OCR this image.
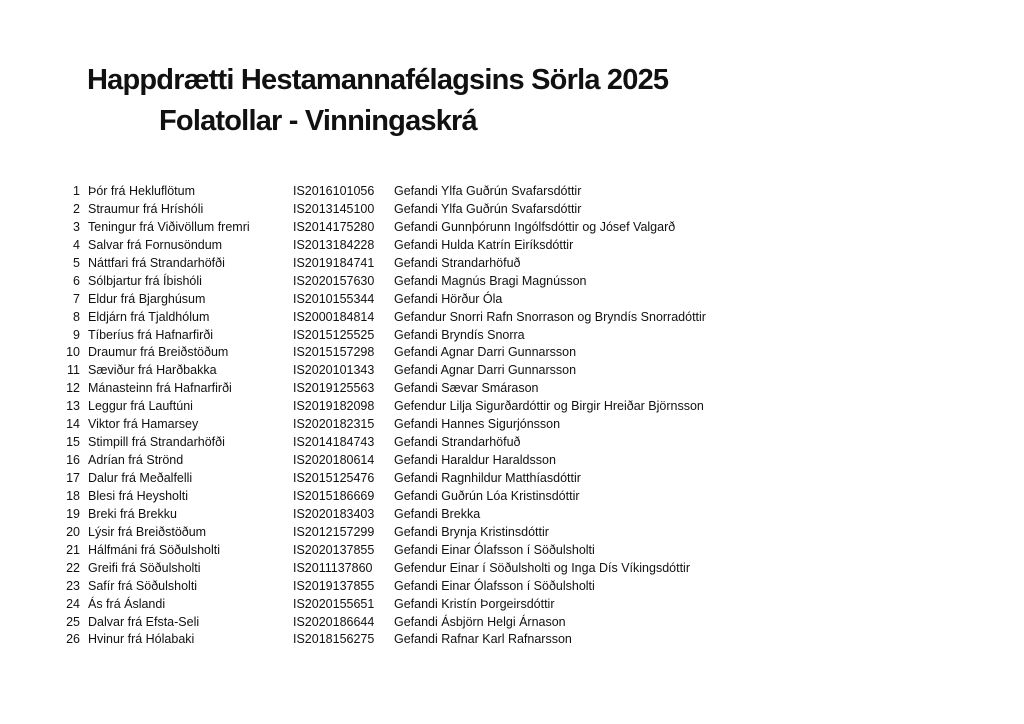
Happdrætti Hestamannafélagsins Sörla 2025
Folatollar - Vinningaskrá
1 Þór frá Hekluflötum	IS2016101056 Gefandi Ylfa Guðrún Svafarsdóttir
2 Straumur frá Hríshóli	IS2013145100 Gefandi Ylfa Guðrún Svafarsdóttir
3 Teningur frá Viðivöllum fremri	IS2014175280 Gefandi Gunnþórunn Ingólfsdóttir og Jósef Valgarð
4 Salvar frá Fornusöndum	IS2013184228 Gefandi Hulda Katrín Eiríksdóttir
5 Náttfari frá Strandarhöfði	IS2019184741 Gefandi Strandarhöfuð
6 Sólbjartur frá Íbishóli	IS2020157630 Gefandi Magnús Bragi Magnússon
7 Eldur frá Bjarghúsum	IS2010155344 Gefandi Hörður Óla
8 Eldjárn frá Tjaldhólum	IS2000184814 Gefandur Snorri Rafn Snorrason og Bryndís Snorradóttir
9 Tíberíus frá Hafnarfirði	IS2015125525 Gefandi Bryndís Snorra
10 Draumur frá Breiðstöðum	IS2015157298 Gefandi Agnar Darri Gunnarsson
11 Sæviður frá Harðbakka	IS2020101343 Gefandi Agnar Darri Gunnarsson
12 Mánasteinn frá Hafnarfirði	IS2019125563 Gefandi Sævar Smárason
13 Leggur frá Lauftúni	IS2019182098 Gefendur Lilja Sigurðardóttir og Birgir Hreiðar Björnsson
14 Viktor frá Hamarsey	IS2020182315 Gefandi Hannes Sigurjónsson
15 Stimpill frá Strandarhöfði	IS2014184743 Gefandi Strandarhöfuð
16 Adrían frá Strönd	IS2020180614 Gefandi Haraldur Haraldsson
17 Dalur frá Meðalfelli	IS2015125476 Gefandi Ragnhildur Matthíasdóttir
18 Blesi frá Heysholti	IS2015186669 Gefandi Guðrún Lóa Kristinsdóttir
19 Breki frá Brekku	IS2020183403 Gefandi Brekka
20 Lýsir frá Breiðstöðum	IS2012157299 Gefandi Brynja Kristinsdóttir
21 Hálfmáni frá Söðulsholti	IS2020137855 Gefandi Einar Ólafsson í Söðulsholti
22 Greifi frá Söðulsholti	IS2011137860 Gefendur Einar í Söðulsholti og Inga Dís Víkingsdóttir
23 Safír frá Söðulsholti	IS2019137855 Gefandi Einar Ólafsson í Söðulsholti
24 Ás frá Áslandi	IS2020155651 Gefandi Kristín Þorgeirsdóttir
25 Dalvar frá Efsta-Seli	IS2020186644 Gefandi Ásbjörn Helgi Árnason
26 Hvinur frá Hólabaki	IS2018156275 Gefandi Rafnar Karl Rafnarsson
